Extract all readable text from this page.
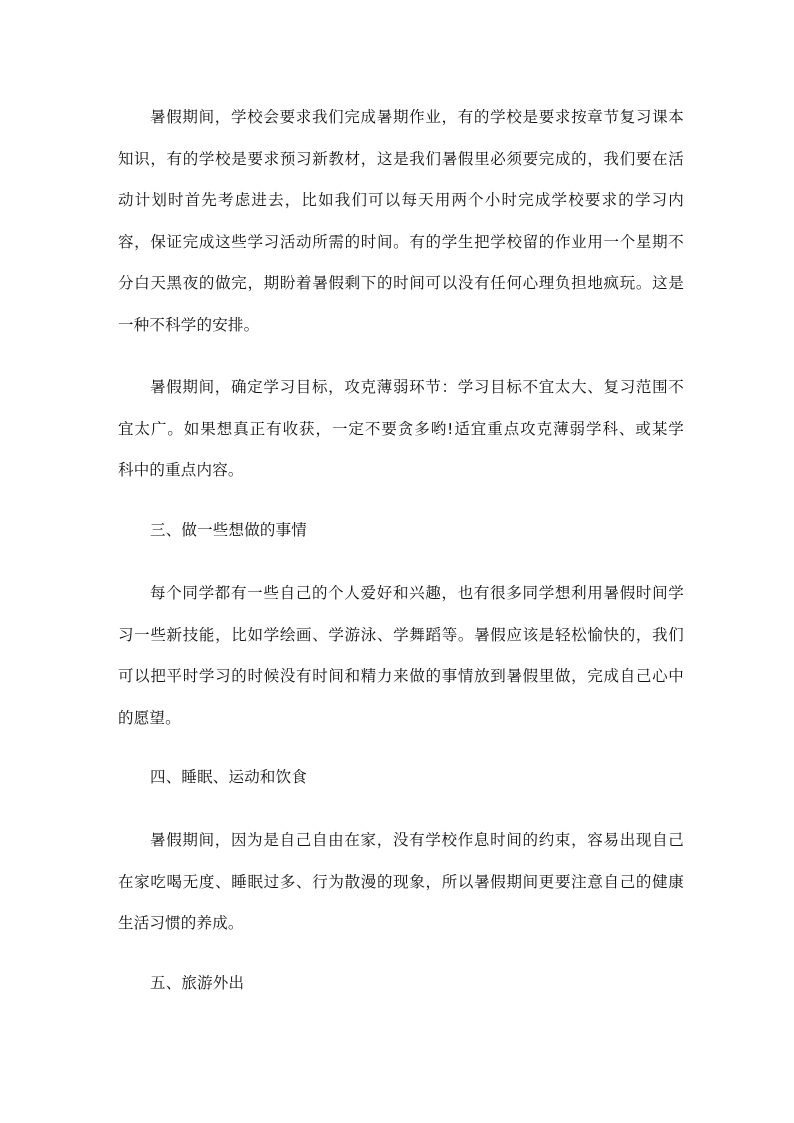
暑假期间，学校会要求我们完成暑期作业，有的学校是要求按章节复习课本
知识，有的学校是要求预习新教材，这是我们暑假里必须要完成的，我们要在活
动计划时首先考虑进去，比如我们可以每天用两个小时完成学校要求的学习内
容，保证完成这些学习活动所需的时间。有的学生把学校留的作业用一个星期不
分白天黑夜的做完，期盼着暑假剩下的时间可以没有任何心理负担地疯玩。这是
一种不科学的安排。
暑假期间，确定学习目标，攻克薄弱环节：学习目标不宜太大、复习范围不
宜太广。如果想真正有收获，一定不要贪多哟!适宜重点攻克薄弱学科、或某学
科中的重点内容。
三、做一些想做的事情
每个同学都有一些自己的个人爱好和兴趣，也有很多同学想利用暑假时间学
习一些新技能，比如学绘画、学游泳、学舞蹈等。暑假应该是轻松愉快的，我们
可以把平时学习的时候没有时间和精力来做的事情放到暑假里做，完成自己心中
的愿望。
四、睡眠、运动和饮食
暑假期间，因为是自己自由在家，没有学校作息时间的约束，容易出现自己
在家吃喝无度、睡眠过多、行为散漫的现象，所以暑假期间更要注意自己的健康
生活习惯的养成。
五、旅游外出
